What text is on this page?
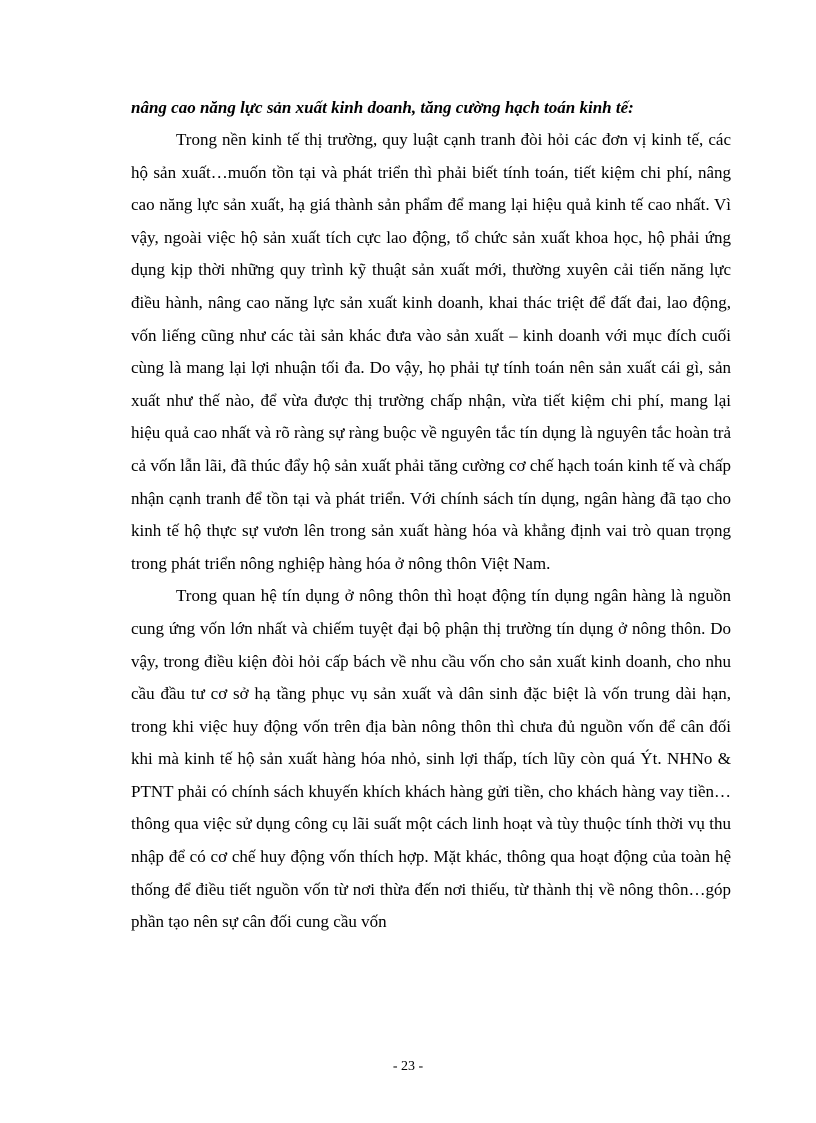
nâng cao năng lực sản xuất kinh doanh, tăng cường hạch toán kinh tế:

Trong nền kinh tế thị trường, quy luật cạnh tranh đòi hỏi các đơn vị kinh tế, các hộ sản xuất…muốn tồn tại và phát triển thì phải biết tính toán, tiết kiệm chi phí, nâng cao năng lực sản xuất, hạ giá thành sản phẩm để mang lại hiệu quả kinh tế cao nhất. Vì vậy, ngoài việc hộ sản xuất tích cực lao động, tổ chức sản xuất khoa học, hộ phải ứng dụng kịp thời những quy trình kỹ thuật sản xuất mới, thường xuyên cải tiến năng lực điều hành, nâng cao năng lực sản xuất kinh doanh, khai thác triệt để đất đai, lao động, vốn liếng cũng như các tài sản khác đưa vào sản xuất – kinh doanh với mục đích cuối cùng là mang lại lợi nhuận tối đa. Do vậy, họ phải tự tính toán nên sản xuất cái gì, sản xuất như thế nào, để vừa được thị trường chấp nhận, vừa tiết kiệm chi phí, mang lại hiệu quả cao nhất và rõ ràng sự ràng buộc về nguyên tắc tín dụng là nguyên tắc hoàn trả cả vốn lẫn lãi, đã thúc đẩy hộ sản xuất phải tăng cường cơ chế hạch toán kinh tế và chấp nhận cạnh tranh để tồn tại và phát triển. Với chính sách tín dụng, ngân hàng đã tạo cho kinh tế hộ thực sự vươn lên trong sản xuất hàng hóa và khẳng định vai trò quan trọng trong phát triển nông nghiệp hàng hóa ở nông thôn Việt Nam.

Trong quan hệ tín dụng ở nông thôn thì hoạt động tín dụng ngân hàng là nguồn cung ứng vốn lớn nhất và chiếm tuyệt đại bộ phận thị trường tín dụng ở nông thôn. Do vậy, trong điều kiện đòi hỏi cấp bách về nhu cầu vốn cho sản xuất kinh doanh, cho nhu cầu đầu tư cơ sở hạ tầng phục vụ sản xuất và dân sinh đặc biệt là vốn trung dài hạn, trong khi việc huy động vốn trên địa bàn nông thôn thì chưa đủ nguồn vốn để cân đối khi mà kinh tế hộ sản xuất hàng hóa nhỏ, sinh lợi thấp, tích lũy còn quá Ýt. NHNo & PTNT phải có chính sách khuyến khích khách hàng gửi tiền, cho khách hàng vay tiền…thông qua việc sử dụng công cụ lãi suất một cách linh hoạt và tùy thuộc tính thời vụ thu nhập để có cơ chế huy động vốn thích hợp. Mặt khác, thông qua hoạt động của toàn hệ thống để điều tiết nguồn vốn từ nơi thừa đến nơi thiếu, từ thành thị về nông thôn…góp phần tạo nên sự cân đối cung cầu vốn

- 23 -
